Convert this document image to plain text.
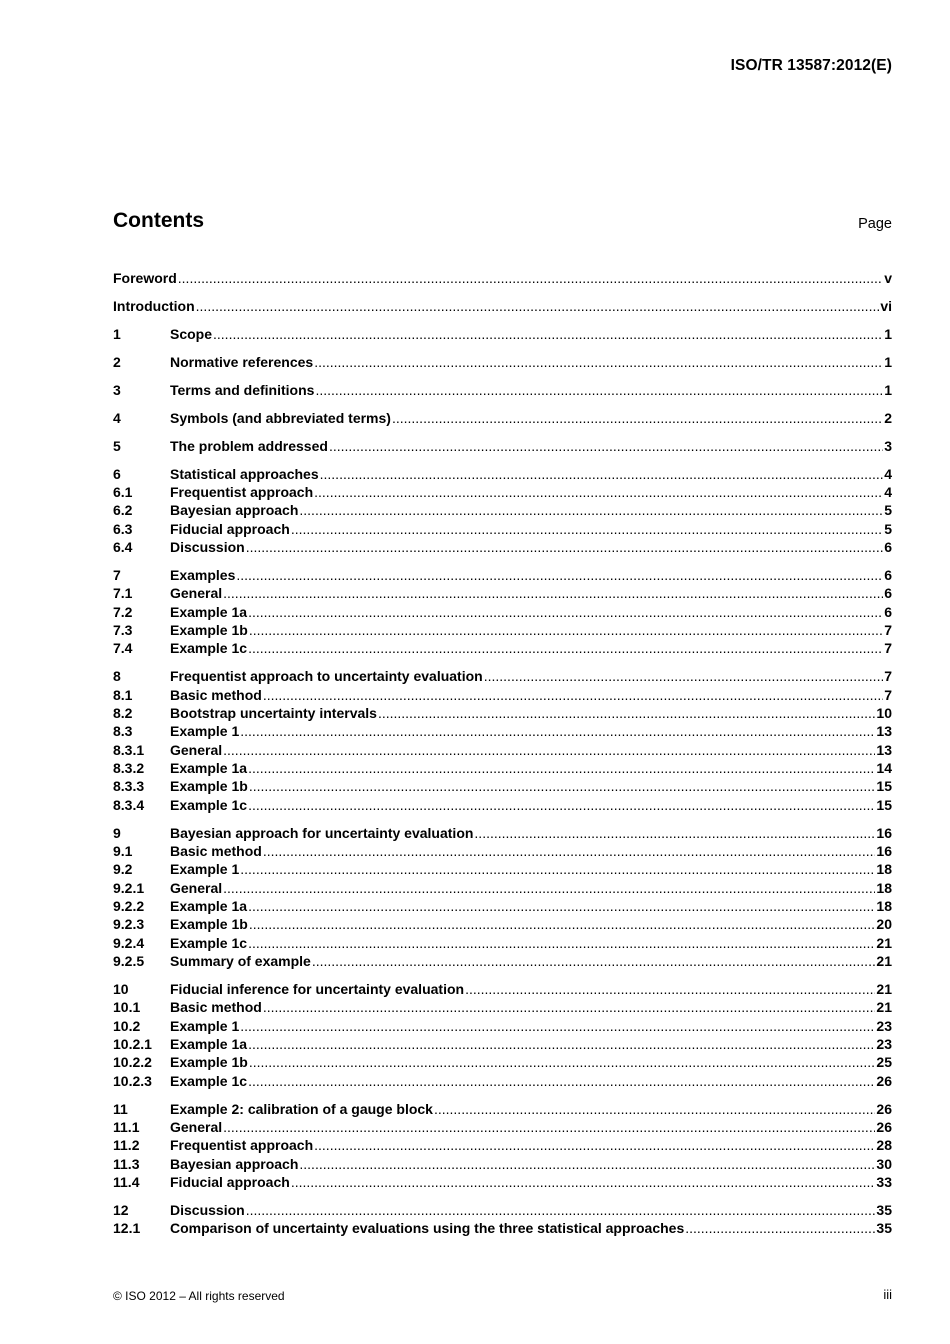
ISO/TR 13587:2012(E)
Contents	Page
Foreword .....	v
Introduction .....	vi
1	Scope .....	1
2	Normative references .....	1
3	Terms and definitions .....	1
4	Symbols (and abbreviated terms) .....	2
5	The problem addressed .....	3
6	Statistical approaches .....	4
6.1	Frequentist approach .....	4
6.2	Bayesian approach .....	5
6.3	Fiducial approach .....	5
6.4	Discussion .....	6
7	Examples .....	6
7.1	General .....	6
7.2	Example 1a .....	6
7.3	Example 1b .....	7
7.4	Example 1c .....	7
8	Frequentist approach to uncertainty evaluation .....	7
8.1	Basic method .....	7
8.2	Bootstrap uncertainty intervals .....	10
8.3	Example 1 .....	13
8.3.1	General .....	13
8.3.2	Example 1a .....	14
8.3.3	Example 1b .....	15
8.3.4	Example 1c .....	15
9	Bayesian approach for uncertainty evaluation .....	16
9.1	Basic method .....	16
9.2	Example 1 .....	18
9.2.1	General .....	18
9.2.2	Example 1a .....	18
9.2.3	Example 1b .....	20
9.2.4	Example 1c .....	21
9.2.5	Summary of example .....	21
10	Fiducial inference for uncertainty evaluation .....	21
10.1	Basic method .....	21
10.2	Example 1 .....	23
10.2.1	Example 1a .....	23
10.2.2	Example 1b .....	25
10.2.3	Example 1c .....	26
11	Example 2: calibration of a gauge block .....	26
11.1	General .....	26
11.2	Frequentist approach .....	28
11.3	Bayesian approach .....	30
11.4	Fiducial approach .....	33
12	Discussion .....	35
12.1	Comparison of uncertainty evaluations using the three statistical approaches .....	35
© ISO 2012 – All rights reserved	iii
